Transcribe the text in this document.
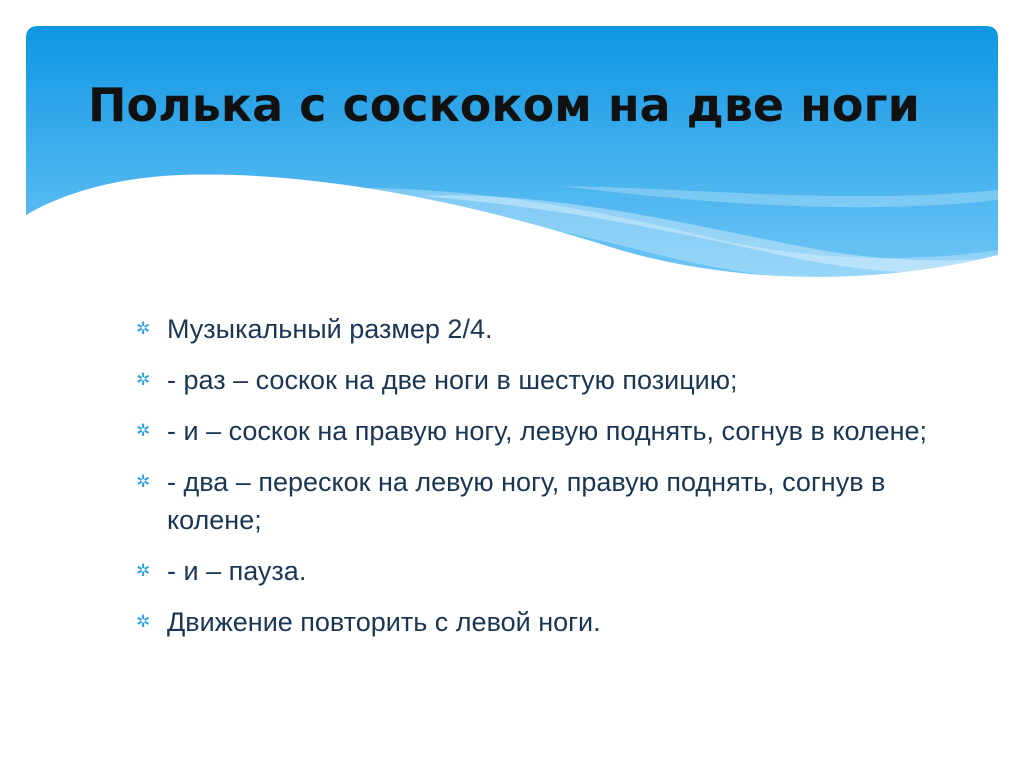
Полька с соскоком на две ноги
✲ Музыкальный размер 2/4.
✲ - раз – соскок на две ноги в шестую позицию;
✲ - и – соскок на правую ногу, левую поднять, согнув в колене;
✲ - два – перескок на левую ногу, правую поднять, согнув в колене;
✲ - и – пауза.
✲ Движение повторить с левой ноги.
